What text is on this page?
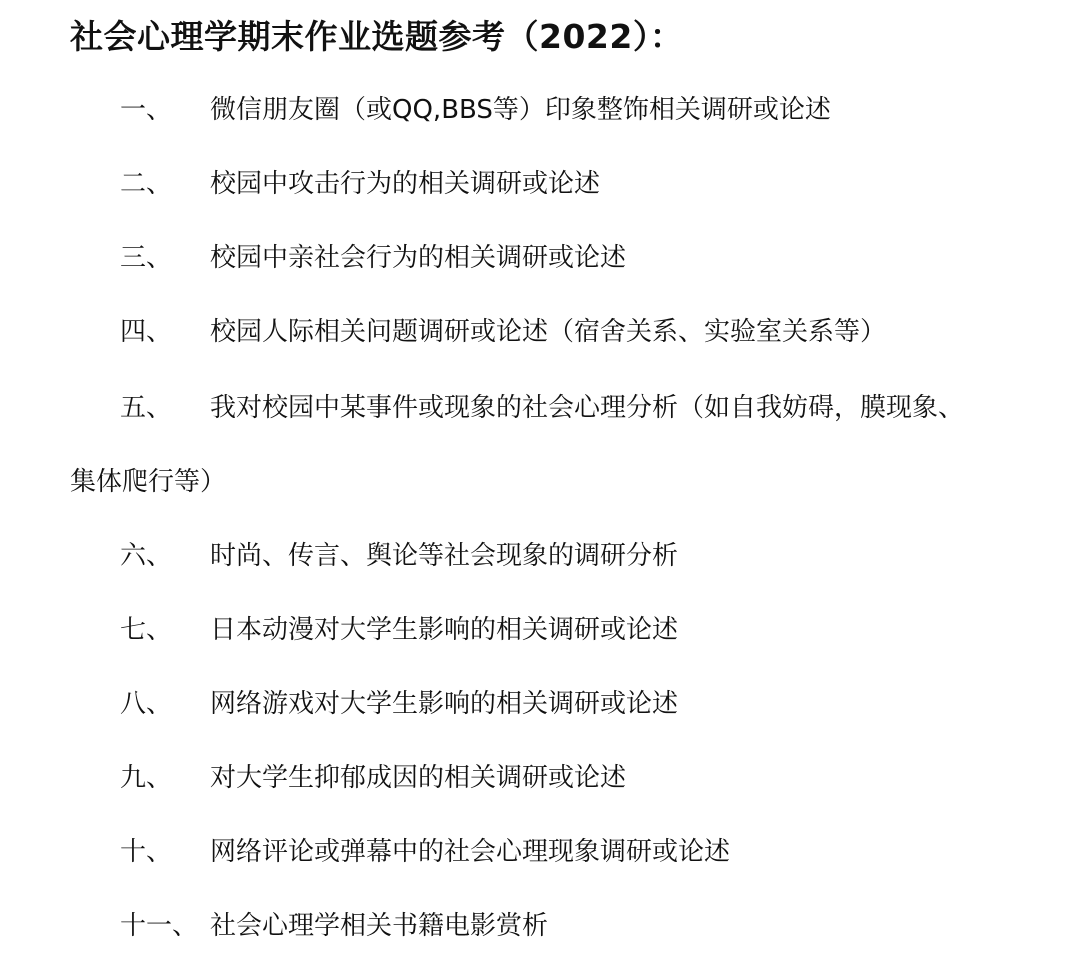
社会心理学期末作业选题参考（2022）：
一、 微信朋友圈（或QQ,BBS等）印象整饰相关调研或论述
二、 校园中攻击行为的相关调研或论述
三、 校园中亲社会行为的相关调研或论述
四、 校园人际相关问题调研或论述（宿舍关系、实验室关系等）
五、 我对校园中某事件或现象的社会心理分析（如自我妨碍，膜现象、
集体爬行等）
六、 时尚、传言、舆论等社会现象的调研分析
七、 日本动漫对大学生影响的相关调研或论述
八、 网络游戏对大学生影响的相关调研或论述
九、 对大学生抑郁成因的相关调研或论述
十、 网络评论或弹幕中的社会心理现象调研或论述
十一、 社会心理学相关书籍电影赏析
